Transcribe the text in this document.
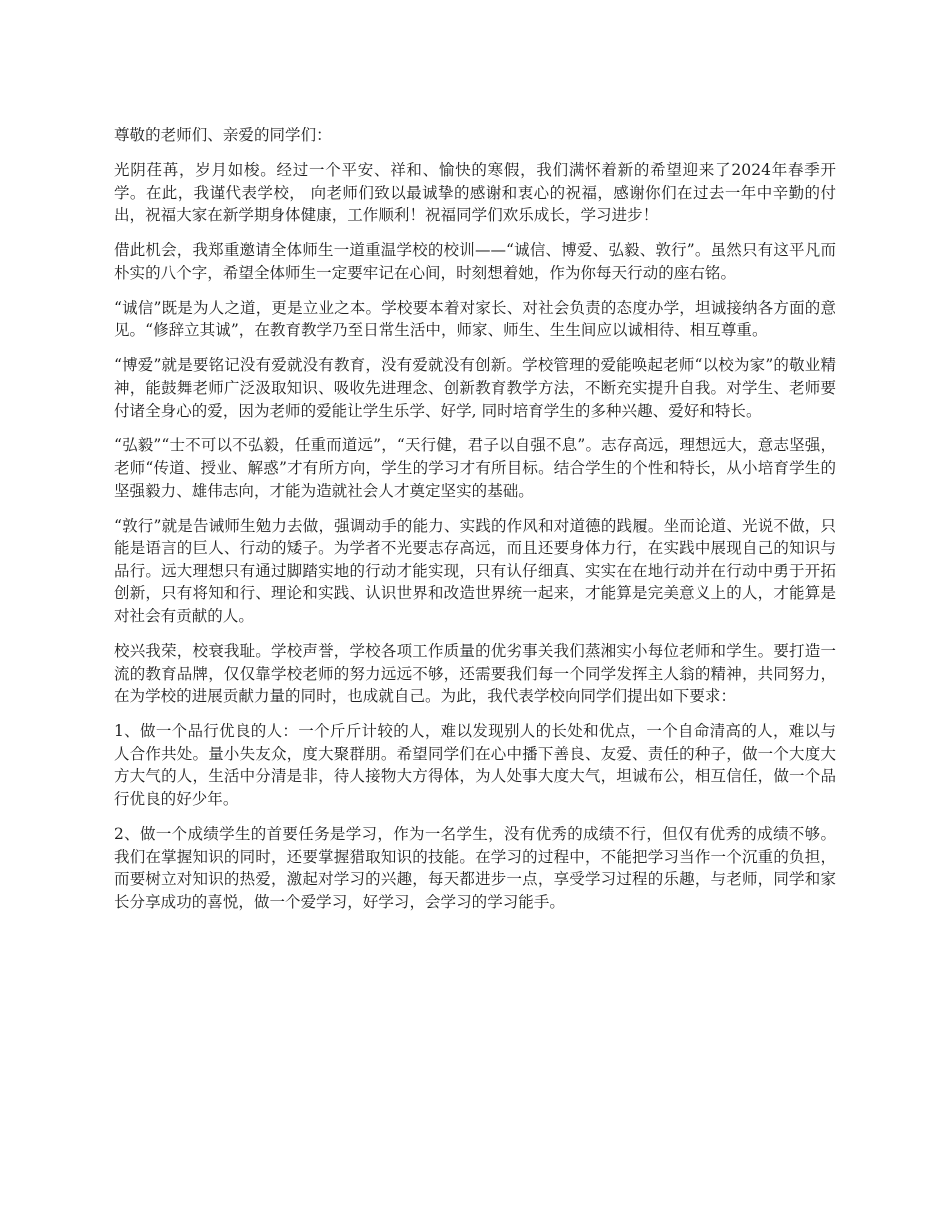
尊敬的老师们、亲爱的同学们：

光阴荏苒，岁月如梭。经过一个平安、祥和、愉快的寒假，我们满怀着新的希望迎来了2024年春季开学。在此，我谨代表学校， 向老师们致以最诚挚的感谢和衷心的祝福，感谢你们在过去一年中辛勤的付出，祝福大家在新学期身体健康，工作顺利！祝福同学们欢乐成长，学习进步！

借此机会，我郑重邀请全体师生一道重温学校的校训——“诚信、博爱、弘毅、敦行”。虽然只有这平凡而朴实的八个字，希望全体师生一定要牢记在心间，时刻想着她，作为你每天行动的座右铭。

“诚信”既是为人之道，更是立业之本。学校要本着对家长、对社会负责的态度办学，坦诚接纳各方面的意见。“修辞立其诚”，在教育教学乃至日常生活中，师家、师生、生生间应以诚相待、相互尊重。

“博爱”就是要铭记没有爱就没有教育，没有爱就没有创新。学校管理的爱能唤起老师“以校为家”的敬业精神，能鼓舞老师广泛汲取知识、吸收先进理念、创新教育教学方法，不断充实提升自我。对学生、老师要付诸全身心的爱，因为老师的爱能让学生乐学、好学, 同时培育学生的多种兴趣、爱好和特长。

“弘毅”“士不可以不弘毅，任重而道远”，“天行健，君子以自强不息”。志存高远，理想远大，意志坚强，老师“传道、授业、解惑”才有所方向，学生的学习才有所目标。结合学生的个性和特长，从小培育学生的坚强毅力、雄伟志向，才能为造就社会人才奠定坚实的基础。

“敦行”就是告诫师生勉力去做，强调动手的能力、实践的作风和对道德的践履。坐而论道、光说不做，只能是语言的巨人、行动的矮子。为学者不光要志存高远，而且还要身体力行，在实践中展现自己的知识与品行。远大理想只有通过脚踏实地的行动才能实现，只有认仔细真、实实在在地行动并在行动中勇于开拓创新，只有将知和行、理论和实践、认识世界和改造世界统一起来，才能算是完美意义上的人，才能算是对社会有贡献的人。

校兴我荣，校衰我耻。学校声誉，学校各项工作质量的优劣事关我们蒸湘实小每位老师和学生。要打造一流的教育品牌，仅仅靠学校老师的努力远远不够，还需要我们每一个同学发挥主人翁的精神，共同努力，在为学校的进展贡献力量的同时，也成就自己。为此，我代表学校向同学们提出如下要求：

1、做一个品行优良的人：一个斤斤计较的人，难以发现别人的长处和优点，一个自命清高的人，难以与人合作共处。量小失友众，度大聚群朋。希望同学们在心中播下善良、友爱、责任的种子，做一个大度大方大气的人，生活中分清是非，待人接物大方得体，为人处事大度大气，坦诚布公，相互信任，做一个品行优良的好少年。

2、做一个成绩学生的首要任务是学习，作为一名学生，没有优秀的成绩不行，但仅有优秀的成绩不够。我们在掌握知识的同时，还要掌握猎取知识的技能。在学习的过程中，不能把学习当作一个沉重的负担，而要树立对知识的热爱，激起对学习的兴趣，每天都进步一点，享受学习过程的乐趣，与老师，同学和家长分享成功的喜悦，做一个爱学习，好学习，会学习的学习能手。
